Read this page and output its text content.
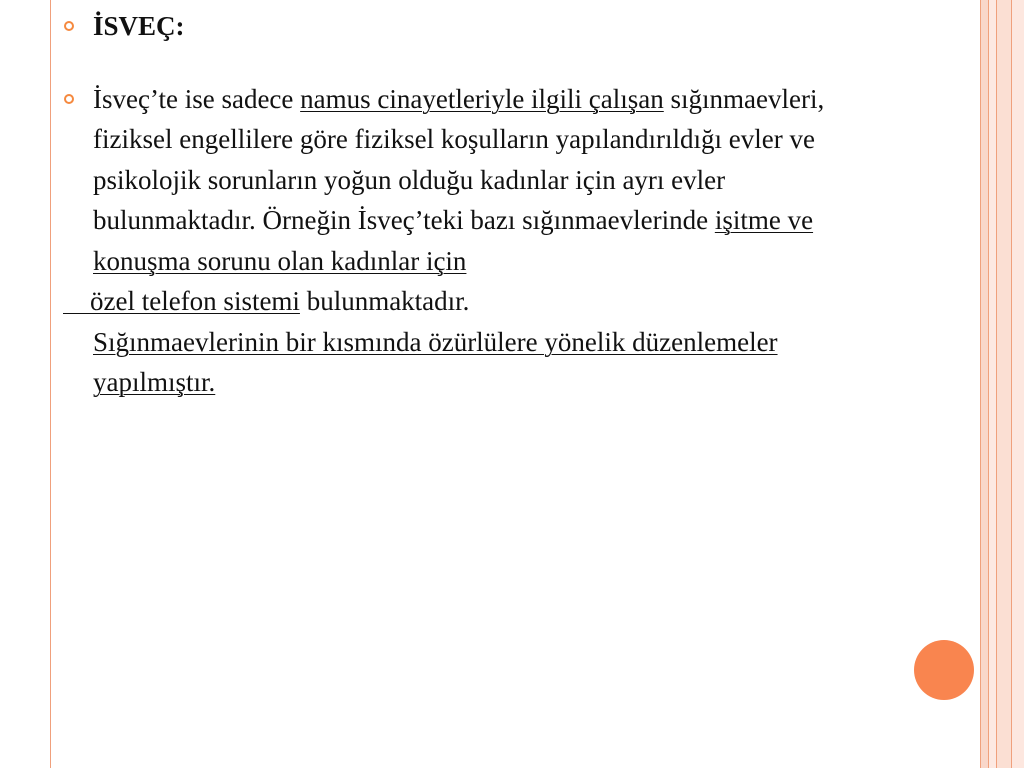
İSVEÇ:
İsveç’te ise sadece namus cinayetleriyle ilgili çalışan sığınmaevleri, fiziksel engellilere göre fiziksel koşulların yapılandırıldığı evler ve psikolojik sorunların yoğun olduğu kadınlar için ayrı evler bulunmaktadır. Örneğin İsveç’teki bazı sığınmaevlerinde işitme ve konuşma sorunu olan kadınlar için
özel telefon sistemi bulunmaktadır.
Sığınmaevlerinin bir kısmında özürlülere yönelik düzenlemeler yapılmıştır.
